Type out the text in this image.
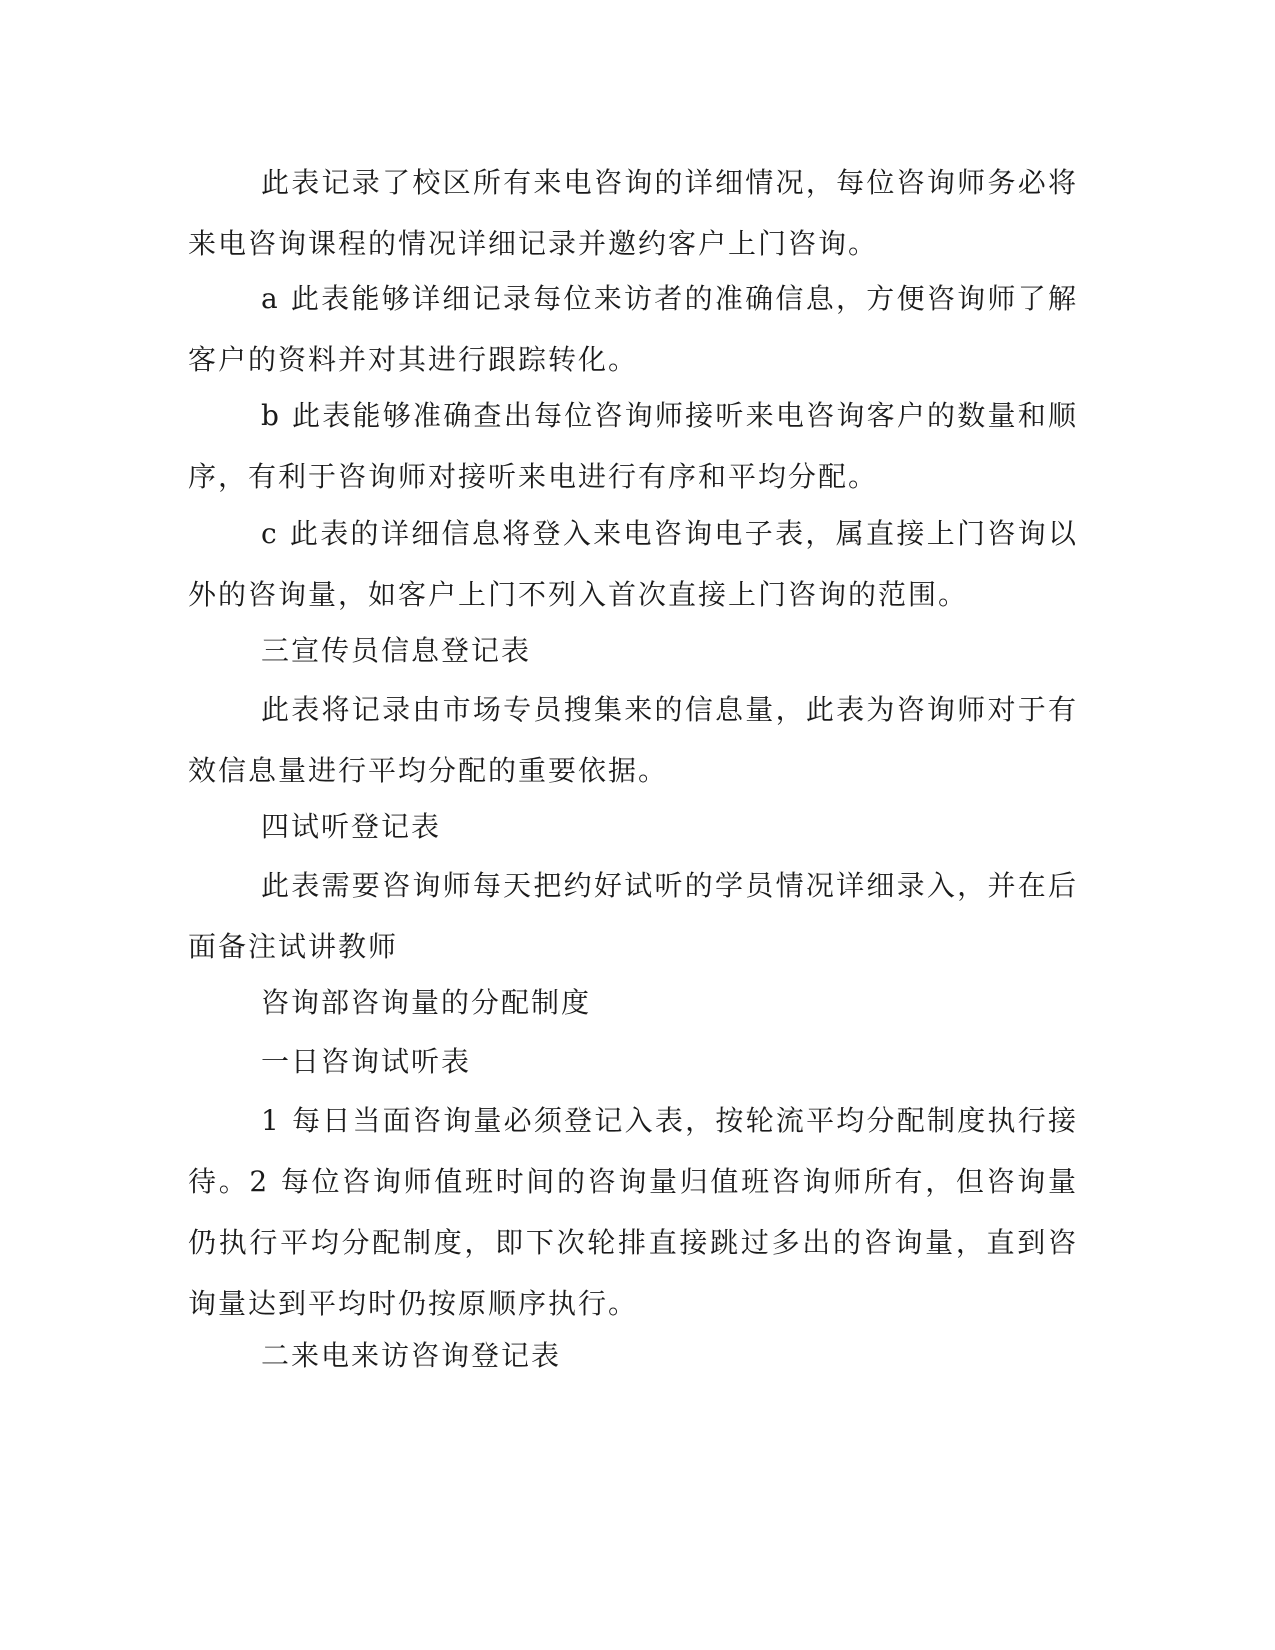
此表记录了校区所有来电咨询的详细情况，每位咨询师务必将来电咨询课程的情况详细记录并邀约客户上门咨询。

a 此表能够详细记录每位来访者的准确信息，方便咨询师了解客户的资料并对其进行跟踪转化。

b 此表能够准确查出每位咨询师接听来电咨询客户的数量和顺序，有利于咨询师对接听来电进行有序和平均分配。

c 此表的详细信息将登入来电咨询电子表，属直接上门咨询以外的咨询量，如客户上门不列入首次直接上门咨询的范围。

三宣传员信息登记表

此表将记录由市场专员搜集来的信息量，此表为咨询师对于有效信息量进行平均分配的重要依据。

四试听登记表

此表需要咨询师每天把约好试听的学员情况详细录入，并在后面备注试讲教师

咨询部咨询量的分配制度

一日咨询试听表

1 每日当面咨询量必须登记入表，按轮流平均分配制度执行接待。2 每位咨询师值班时间的咨询量归值班咨询师所有，但咨询量仍执行平均分配制度，即下次轮排直接跳过多出的咨询量，直到咨询量达到平均时仍按原顺序执行。

二来电来访咨询登记表
